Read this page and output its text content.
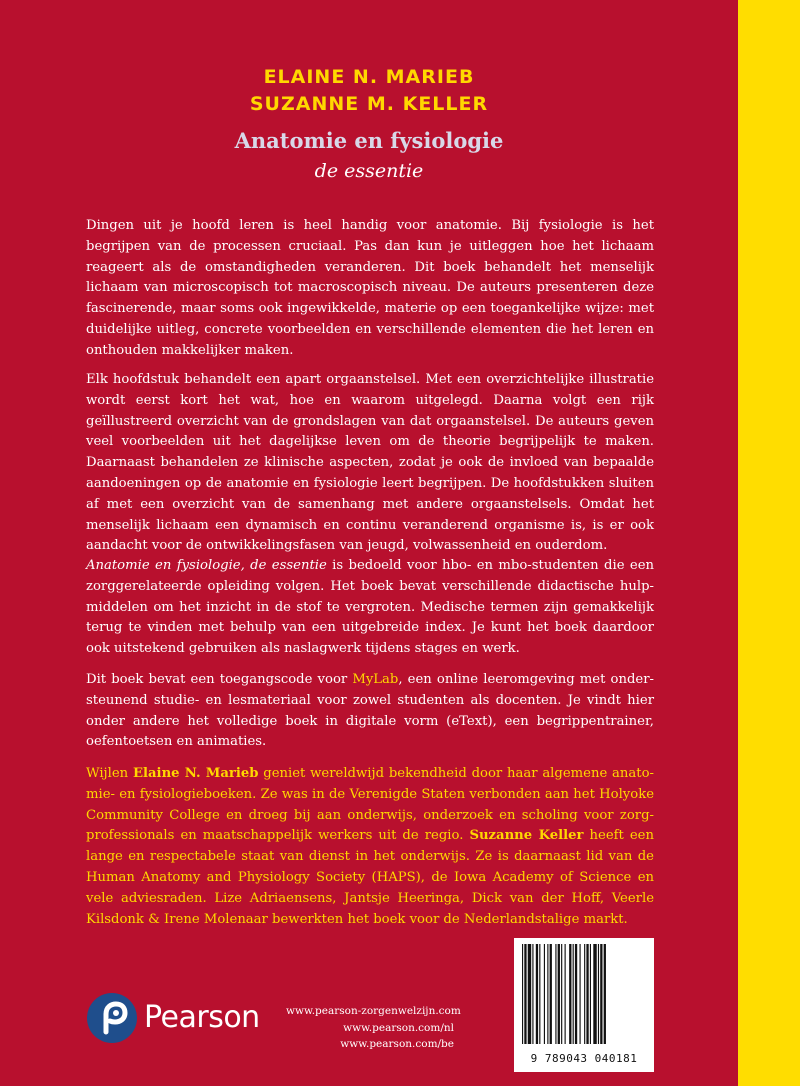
ELAINE N. MARIEB
SUZANNE M. KELLER
Anatomie en fysiologie
de essentie
Dingen uit je hoofd leren is heel handig voor anatomie. Bij fysiologie is het begrijpen van de processen cruciaal. Pas dan kun je uitleggen hoe het lichaam reageert als de omstandigheden veranderen. Dit boek behandelt het menselijk lichaam van microscopisch tot macroscopisch niveau. De auteurs presenteren deze fascinerende, maar soms ook ingewikkelde, materie op een toegankelijke wijze: met duidelijke uitleg, concrete voorbeelden en verschillende elementen die het leren en onthouden makkelijker maken.
Elk hoofdstuk behandelt een apart orgaanstelsel. Met een overzichtelijke illustratie wordt eerst kort het wat, hoe en waarom uitgelegd. Daarna volgt een rijk geïllustreerd overzicht van de grondslagen van dat orgaanstelsel. De auteurs geven veel voorbeelden uit het dagelijkse leven om de theorie begrijpelijk te maken. Daarnaast behandelen ze klinische aspecten, zodat je ook de invloed van bepaalde aandoeningen op de anatomie en fysiologie leert begrijpen. De hoofdstukken sluiten af met een overzicht van de samenhang met andere orgaanstelsels. Omdat het menselijk lichaam een dynamisch en continu veranderend organisme is, is er ook aandacht voor de ontwikkelingsfasen van jeugd, volwassenheid en ouderdom.
Anatomie en fysiologie, de essentie is bedoeld voor hbo- en mbo-studenten die een zorggerelateerde opleiding volgen. Het boek bevat verschillende didactische hulpmiddelen om het inzicht in de stof te vergroten. Medische termen zijn gemakkelijk terug te vinden met behulp van een uitgebreide index. Je kunt het boek daardoor ook uitstekend gebruiken als naslagwerk tijdens stages en werk.
Dit boek bevat een toegangscode voor MyLab, een online leeromgeving met ondersteunend studie- en lesmateriaal voor zowel studenten als docenten. Je vindt hier onder andere het volledige boek in digitale vorm (eText), een begrippentrainer, oefentoetsen en animaties.
Wijlen Elaine N. Marieb geniet wereldwijd bekendheid door haar algemene anatomie- en fysiologieboeken. Ze was in de Verenigde Staten verbonden aan het Holyoke Community College en droeg bij aan onderwijs, onderzoek en scholing voor zorgprofessionals en maatschappelijk werkers uit de regio. Suzanne Keller heeft een lange en respectabele staat van dienst in het onderwijs. Ze is daarnaast lid van de Human Anatomy and Physiology Society (HAPS), de Iowa Academy of Science en vele adviesraden. Lize Adriaensens, Jantsje Heeringa, Dick van der Hoff, Veerle Kilsdonk & Irene Molenaar bewerkten het boek voor de Nederlandstalige markt.
9 789043 040181
Pearson	www.pearson-zorgenwelzijn.com
www.pearson.com/nl
www.pearson.com/be
